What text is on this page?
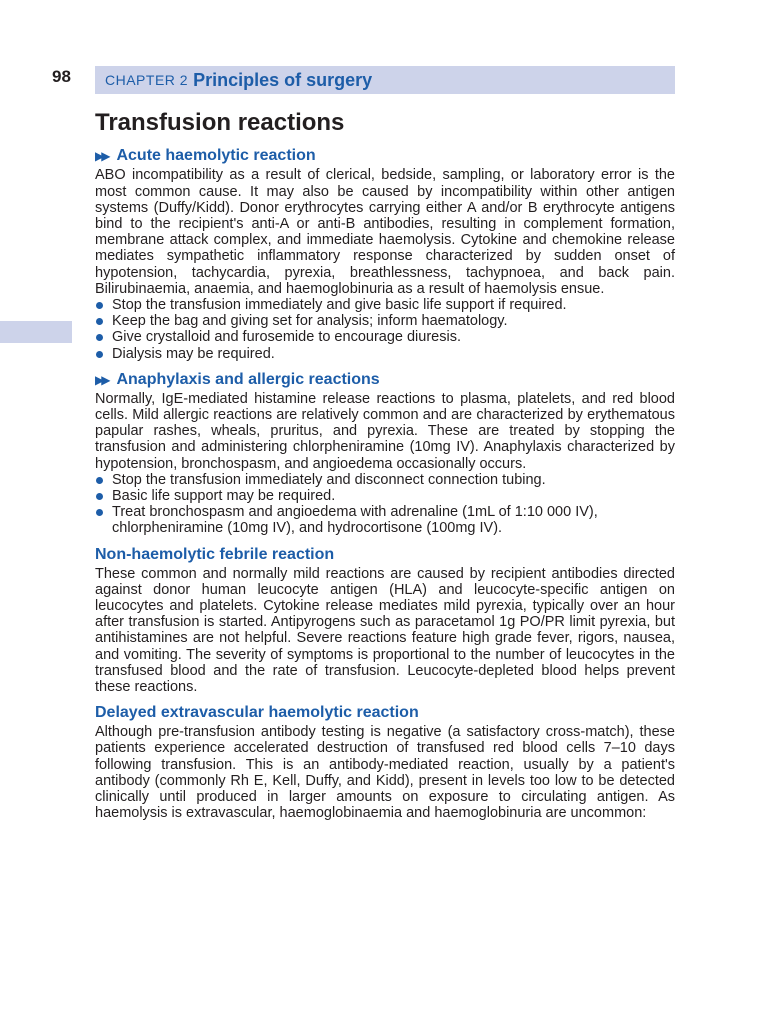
98 CHAPTER 2 Principles of surgery
Transfusion reactions
▶▶ Acute haemolytic reaction

ABO incompatibility as a result of clerical, bedside, sampling, or laboratory error is the most common cause. It may also be caused by incompatibility within other antigen systems (Duffy/Kidd). Donor erythrocytes carrying either A and/or B erythrocyte antigens bind to the recipient's anti-A or anti-B antibodies, resulting in complement formation, membrane attack complex, and immediate haemolysis. Cytokine and chemokine release mediates sympathetic inflammatory response characterized by sudden onset of hypotension, tachycardia, pyrexia, breathlessness, tachypnoea, and back pain. Bilirubinaemia, anaemia, and haemoglobinuria as a result of haemolysis ensue.

Stop the transfusion immediately and give basic life support if required.
Keep the bag and giving set for analysis; inform haematology.
Give crystalloid and furosemide to encourage diuresis.
Dialysis may be required.
▶▶ Anaphylaxis and allergic reactions

Normally, IgE-mediated histamine release reactions to plasma, platelets, and red blood cells. Mild allergic reactions are relatively common and are characterized by erythematous papular rashes, wheals, pruritus, and pyrexia. These are treated by stopping the transfusion and administering chlorpheniramine (10mg IV). Anaphylaxis characterized by hypotension, bronchospasm, and angioedema occasionally occurs.

Stop the transfusion immediately and disconnect connection tubing.
Basic life support may be required.
Treat bronchospasm and angioedema with adrenaline (1mL of 1:10 000 IV), chlorpheniramine (10mg IV), and hydrocortisone (100mg IV).
Non-haemolytic febrile reaction

These common and normally mild reactions are caused by recipient antibodies directed against donor human leucocyte antigen (HLA) and leucocyte-specific antigen on leucocytes and platelets. Cytokine release mediates mild pyrexia, typically over an hour after transfusion is started. Antipyrogens such as paracetamol 1g PO/PR limit pyrexia, but antihistamines are not helpful. Severe reactions feature high grade fever, rigors, nausea, and vomiting. The severity of symptoms is proportional to the number of leucocytes in the transfused blood and the rate of transfusion. Leucocyte-depleted blood helps prevent these reactions.

Delayed extravascular haemolytic reaction

Although pre-transfusion antibody testing is negative (a satisfactory cross-match), these patients experience accelerated destruction of transfused red blood cells 7–10 days following transfusion. This is an antibody-mediated reaction, usually by a patient's antibody (commonly Rh E, Kell, Duffy, and Kidd), present in levels too low to be detected clinically until produced in larger amounts on exposure to circulating antigen. As haemolysis is extravascular, haemoglobinaemia and haemoglobinuria are uncommon:
